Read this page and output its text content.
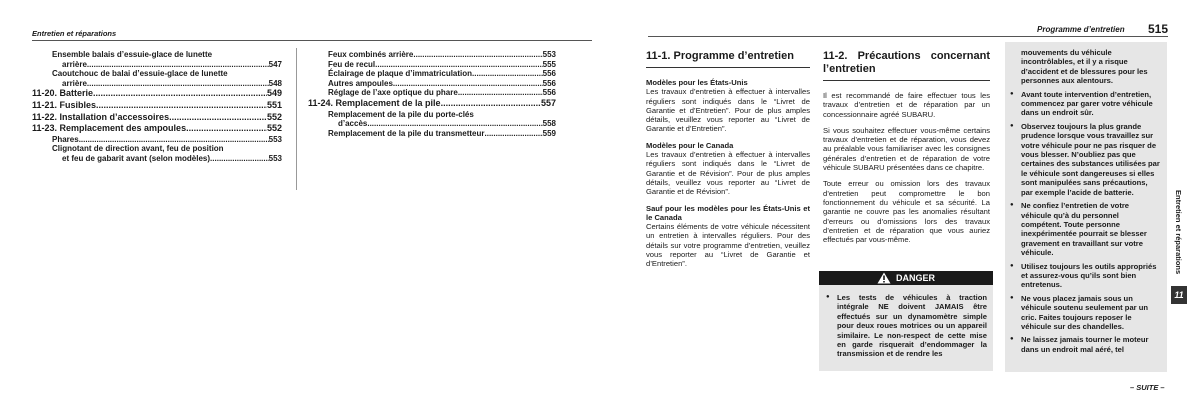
Entretien et réparations
Ensemble balais d’essuie-glace de lunette
arrière .....	547
Caoutchouc de balai d’essuie-glace de lunette
arrière .....	548
11-20. Batterie .....	549
11-21. Fusibles .....	551
11-22. Installation d’accessoires .....	552
11-23. Remplacement des ampoules .....	552
Phares .....	553
Clignotant de direction avant, feu de position
et feu de gabarit avant (selon modèles) .....	553
Feux combinés arrière .....	553
Feu de recul .....	555
Éclairage de plaque d’immatriculation .....	556
Autres ampoules .....	556
Réglage de l’axe optique du phare .....	556
11-24. Remplacement de la pile .....	557
Remplacement de la pile du porte-clés
d’accès .....	558
Remplacement de la pile du transmetteur .....	559
Programme d’entretien 515
11-1. Programme d’entretien

Modèles pour les États-Unis

Les travaux d’entretien à effectuer à intervalles réguliers sont indiqués dans le “Livret de Garantie et d’Entretien”. Pour de plus amples détails, veuillez vous reporter au “Livret de Garantie et d’Entretien”.

Modèles pour le Canada

Les travaux d’entretien à effectuer à intervalles réguliers sont indiqués dans le “Livret de Garantie et de Révision”. Pour de plus amples détails, veuillez vous reporter au “Livret de Garantie et de Révision”.

Sauf pour les modèles pour les États-Unis et le Canada

Certains éléments de votre véhicule nécessitent un entretien à intervalles réguliers. Pour des détails sur votre programme d’entretien, veuillez vous reporter au “Livret de Garantie et d’Entretien”.

11-2. Précautions concernant l’entretien

Il est recommandé de faire effectuer tous les travaux d’entretien et de réparation par un concessionnaire agréé SUBARU.

Si vous souhaitez effectuer vous-même certains travaux d’entretien et de réparation, vous devez au préalable vous familiariser avec les consignes générales d’entretien et de réparation de votre véhicule SUBARU présentées dans ce chapitre.

Toute erreur ou omission lors des travaux d’entretien peut compromettre le bon fonctionnement du véhicule et sa sécurité. La garantie ne couvre pas les anomalies résultant d’erreurs ou d’omissions lors des travaux d’entretien et de réparation que vous auriez effectués par vous-même.

DANGER
● Les tests de véhicules à traction intégrale NE doivent JAMAIS être effectués sur un dynamomètre simple pour deux roues motrices ou un appareil similaire. Le non-respect de cette mise en garde risquerait d’endommager la transmission et de rendre les
mouvements du véhicule incontrôlables, et il y a risque d’accident et de blessures pour les personnes aux alentours.
● Avant toute intervention d’entretien, commencez par garer votre véhicule dans un endroit sûr.
● Observez toujours la plus grande prudence lorsque vous travaillez sur votre véhicule pour ne pas risquer de vous blesser. N’oubliez pas que certaines des substances utilisées par le véhicule sont dangereuses si elles sont manipulées sans précautions, par exemple l’acide de batterie.
● Ne confiez l’entretien de votre véhicule qu’à du personnel compétent. Toute personne inexpérimentée pourrait se blesser gravement en travaillant sur votre véhicule.
● Utilisez toujours les outils appropriés et assurez-vous qu’ils sont bien entretenus.
● Ne vous placez jamais sous un véhicule soutenu seulement par un cric. Faites toujours reposer le véhicule sur des chandelles.
● Ne laissez jamais tourner le moteur dans un endroit mal aéré, tel
Entretien et réparations
11
– SUITE –
